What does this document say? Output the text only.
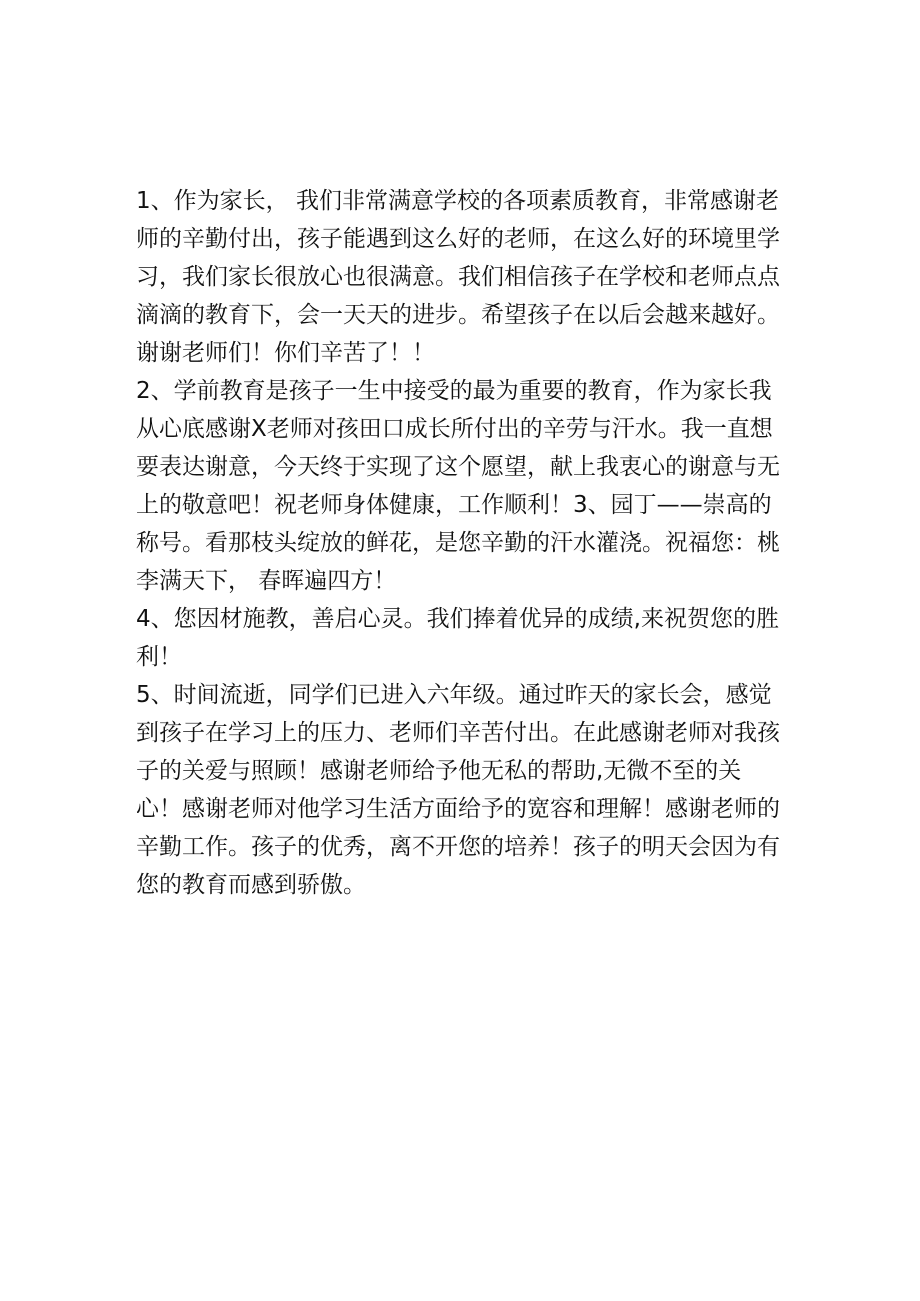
1、作为家长， 我们非常满意学校的各项素质教育，非常感谢老
师的辛勤付出，孩子能遇到这么好的老师，在这么好的环境里学
习，我们家长很放心也很满意。我们相信孩子在学校和老师点点
滴滴的教育下，会一天天的进步。希望孩子在以后会越来越好。
谢谢老师们！你们辛苦了！！
2、学前教育是孩子一生中接受的最为重要的教育，作为家长我
从心底感谢X老师对孩田口成长所付出的辛劳与汗水。我一直想
要表达谢意，今天终于实现了这个愿望，献上我衷心的谢意与无
上的敬意吧！祝老师身体健康，工作顺利！3、园丁——崇高的
称号。看那枝头绽放的鲜花，是您辛勤的汗水灌浇。祝福您：桃
李满天下， 春晖遍四方！
4、您因材施教，善启心灵。我们捧着优异的成绩,来祝贺您的胜
利！
5、时间流逝，同学们已进入六年级。通过昨天的家长会，感觉
到孩子在学习上的压力、老师们辛苦付出。在此感谢老师对我孩
子的关爱与照顾！感谢老师给予他无私的帮助,无微不至的关
心！感谢老师对他学习生活方面给予的宽容和理解！感谢老师的
辛勤工作。孩子的优秀，离不开您的培养！孩子的明天会因为有
您的教育而感到骄傲。
